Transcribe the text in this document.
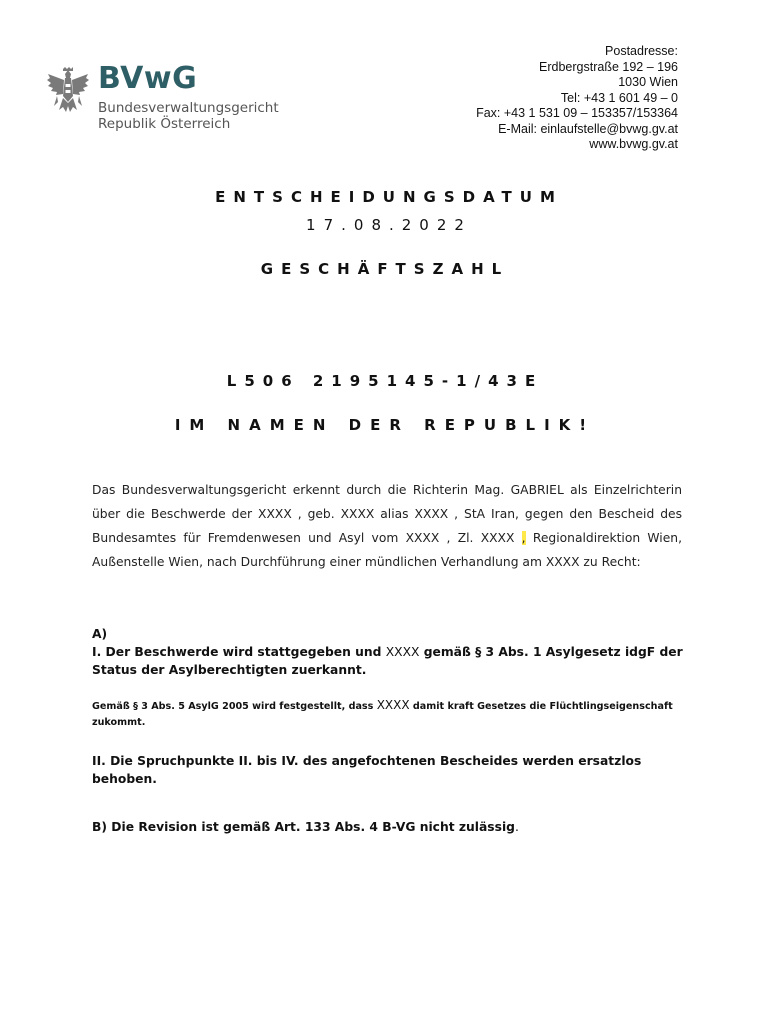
BVwG
Bundesverwaltungsgericht
Republik Österreich
Postadresse:
Erdbergstraße 192 – 196
1030 Wien
Tel: +43 1 601 49 – 0
Fax: +43 1 531 09 – 153357/153364
E-Mail: einlaufstelle@bvwg.gv.at
www.bvwg.gv.at
ENTSCHEIDUNGSDATUM
17.08.2022
GESCHÄFTSZAHL
L506 2195145-1/43E
IM NAMEN DER REPUBLIK!
Das Bundesverwaltungsgericht erkennt durch die Richterin Mag. GABRIEL als Einzelrichterin
über die Beschwerde der XXXX , geb. XXXX alias XXXX , StA Iran, gegen den Bescheid des
Bundesamtes für Fremdenwesen und Asyl vom XXXX , Zl. XXXX , Regionaldirektion Wien,
Außenstelle Wien, nach Durchführung einer mündlichen Verhandlung am XXXX zu Recht:
A)
I. Der Beschwerde wird stattgegeben und XXXX gemäß § 3 Abs. 1 Asylgesetz idgF der Status der Asylberechtigten zuerkannt.
Gemäß § 3 Abs. 5 AsylG 2005 wird festgestellt, dass XXXX damit kraft Gesetzes die Flüchtlingseigenschaft zukommt.
II. Die Spruchpunkte II. bis IV. des angefochtenen Bescheides werden ersatzlos behoben.
B) Die Revision ist gemäß Art. 133 Abs. 4 B-VG nicht zulässig.
